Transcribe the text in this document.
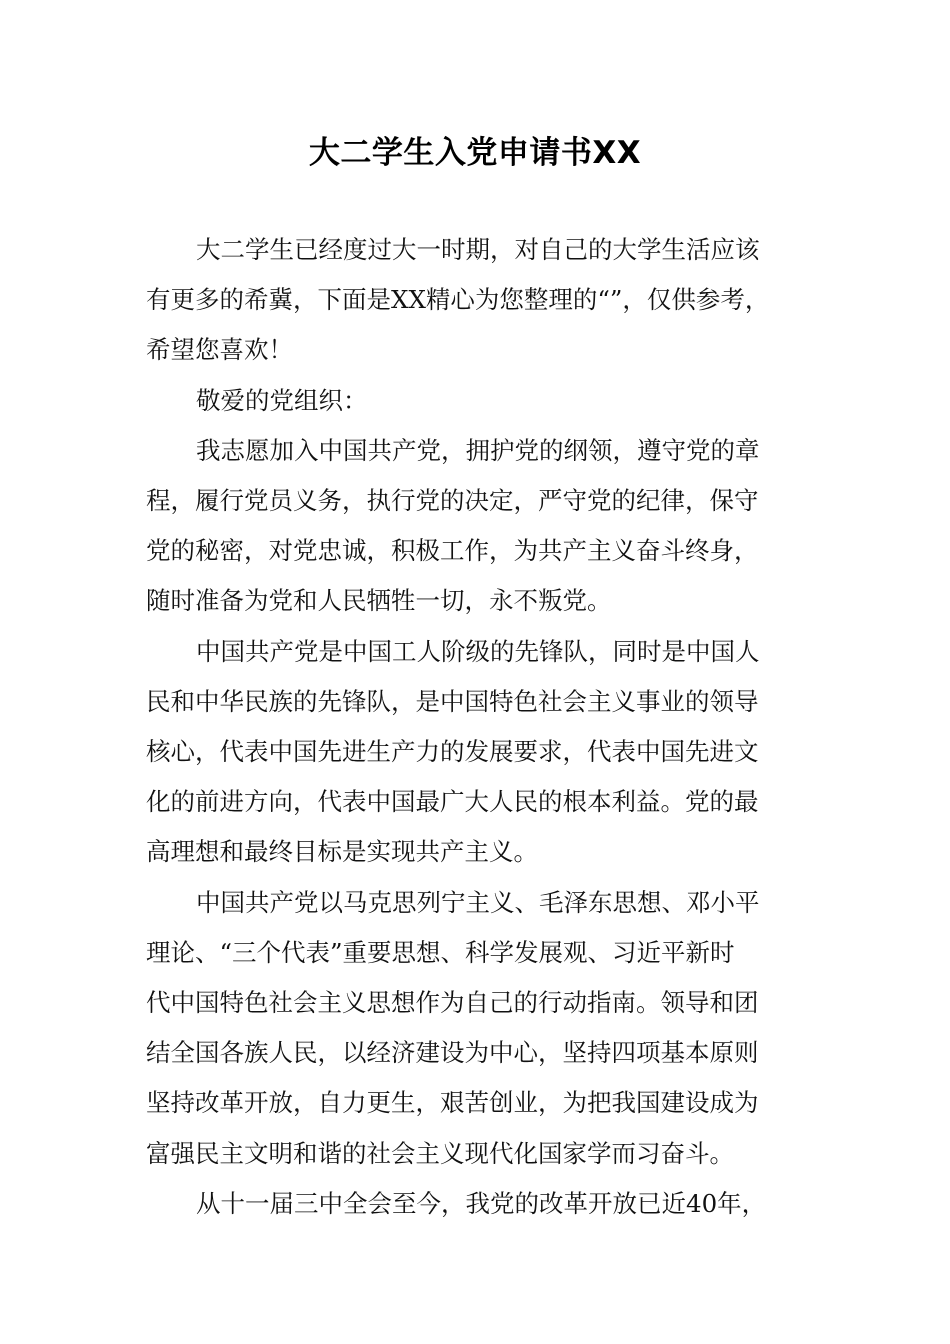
大二学生入党申请书XX
大二学生已经度过大一时期，对自己的大学生活应该
有更多的希冀，下面是XX精心为您整理的“”，仅供参考，
希望您喜欢！
敬爱的党组织：
我志愿加入中国共产党，拥护党的纲领，遵守党的章
程，履行党员义务，执行党的决定，严守党的纪律，保守
党的秘密，对党忠诚，积极工作，为共产主义奋斗终身，
随时准备为党和人民牺牲一切，永不叛党。
中国共产党是中国工人阶级的先锋队，同时是中国人
民和中华民族的先锋队，是中国特色社会主义事业的领导
核心，代表中国先进生产力的发展要求，代表中国先进文
化的前进方向，代表中国最广大人民的根本利益。党的最
高理想和最终目标是实现共产主义。
中国共产党以马克思列宁主义、毛泽东思想、邓小平
理论、“三个代表”重要思想、科学发展观、习近平新时
代中国特色社会主义思想作为自己的行动指南。领导和团
结全国各族人民，以经济建设为中心，坚持四项基本原则
坚持改革开放，自力更生，艰苦创业，为把我国建设成为
富强民主文明和谐的社会主义现代化国家学而习奋斗。
从十一届三中全会至今，我党的改革开放已近40年，
